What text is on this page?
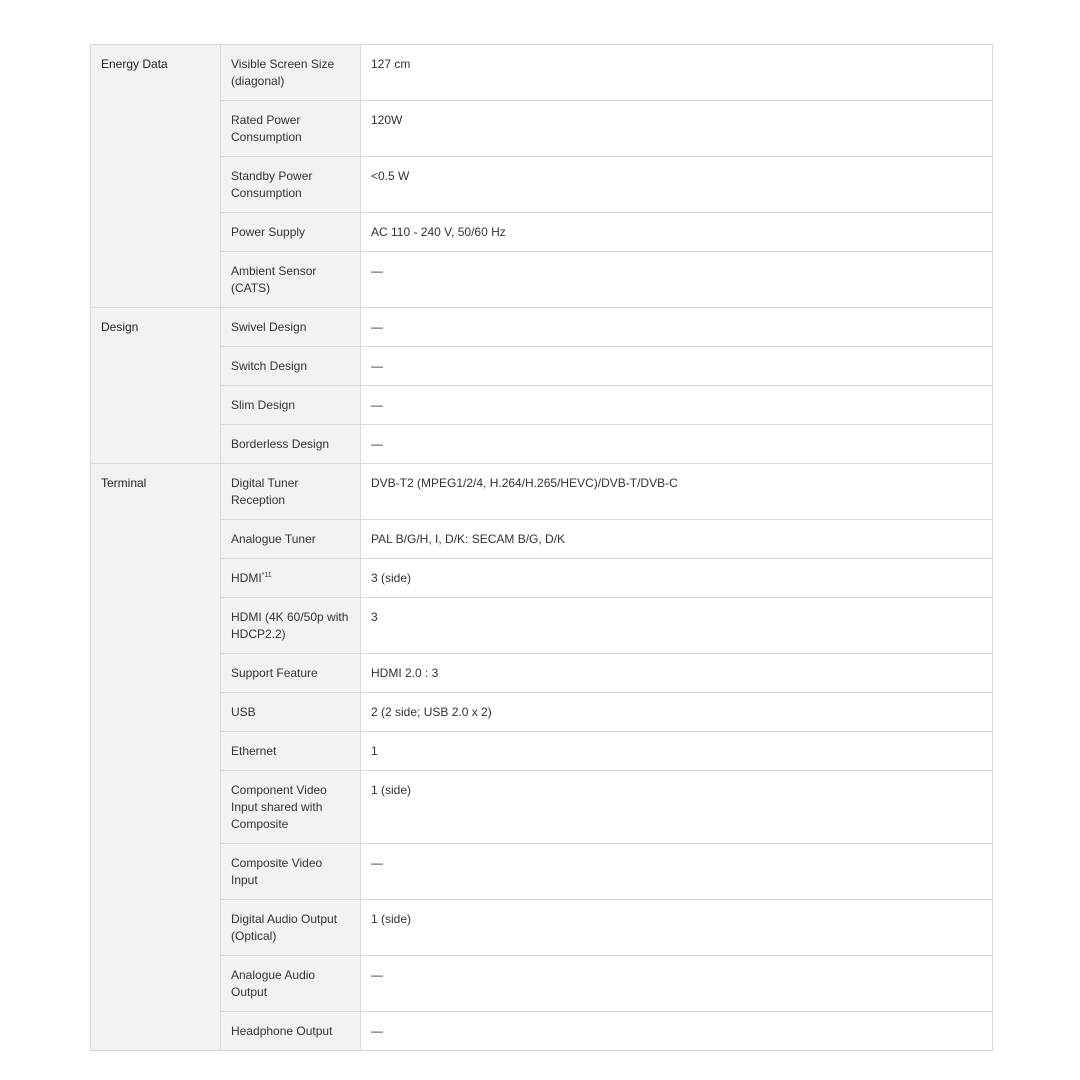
Energy Data	Visible Screen Size (diagonal)	127 cm
	Rated Power Consumption	120W
	Standby Power Consumption	<0.5 W
	Power Supply	AC 110 - 240 V, 50/60 Hz
	Ambient Sensor (CATS)	—
Design	Swivel Design	—
	Switch Design	—
	Slim Design	—
	Borderless Design	—
Terminal	Digital Tuner Reception	DVB-T2 (MPEG1/2/4, H.264/H.265/HEVC)/DVB-T/DVB-C
	Analogue Tuner	PAL B/G/H, I, D/K: SECAM B/G, D/K
	HDMI$^{*11}$	3 (side)
	HDMI (4K 60/50p with HDCP2.2)	3
	Support Feature	HDMI 2.0 : 3
	USB	2 (2 side; USB 2.0 x 2)
	Ethernet	1
	Component Video Input shared with Composite	1 (side)
	Composite Video Input	—
	Digital Audio Output (Optical)	1 (side)
	Analogue Audio Output	—
	Headphone Output	—
